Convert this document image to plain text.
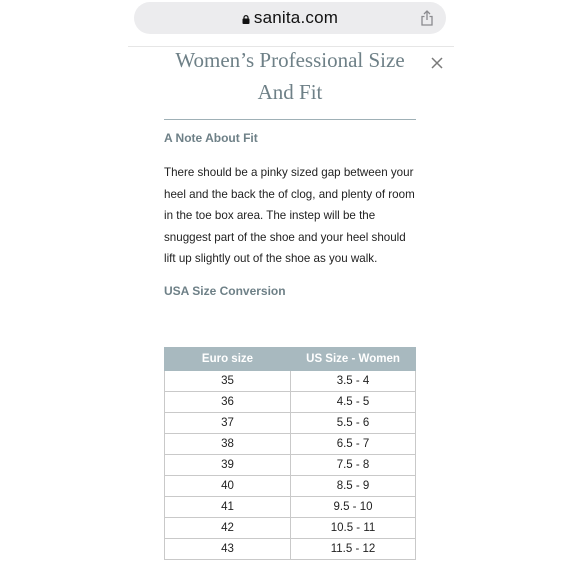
sanita.com
Women’s Professional Size And Fit
A Note About Fit

There should be a pinky sized gap between your heel and the back the of clog, and plenty of room in the toe box area. The instep will be the snuggest part of the shoe and your heel should lift up slightly out of the shoe as you walk.

USA Size Conversion
Euro size	US Size - Women
35	3.5 - 4
36	4.5 - 5
37	5.5 - 6
38	6.5 - 7
39	7.5 - 8
40	8.5 - 9
41	9.5 - 10
42	10.5 - 11
43	11.5 - 12
